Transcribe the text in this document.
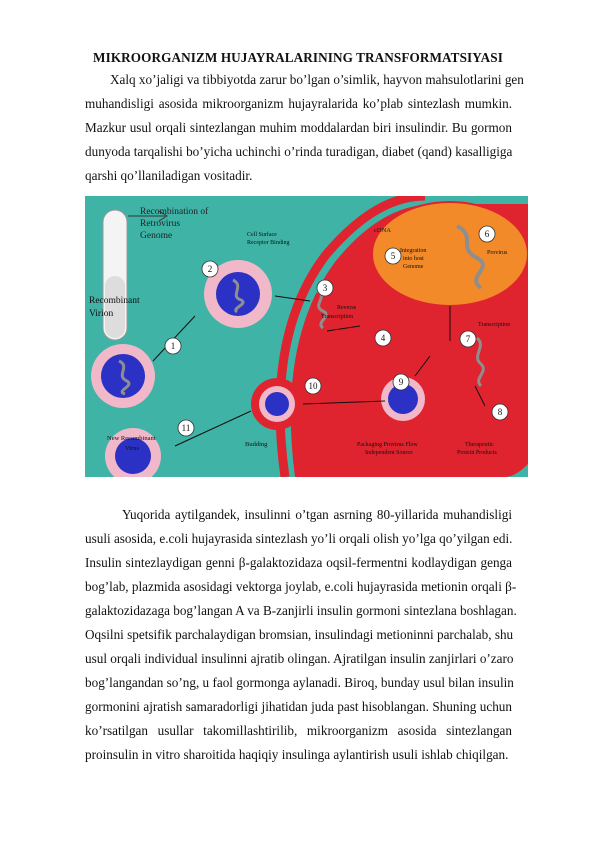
MIKROORGANIZM HUJAYRALARINING TRANSFORMATSIYASI
Xalq xo’jaligi va tibbiyotda zarur bo’lgan o’simlik, hayvon mahsulotlarini gen
muhandisligi asosida mikroorganizm hujayralarida ko’plab sintezlash mumkin.
Mazkur usul orqali sintezlangan muhim moddalardan biri insulindir. Bu gormon
dunyoda tarqalishi bo’yicha uchinchi o’rinda turadigan, diabet (qand) kasalligiga
qarshi qo’llaniladigan vositadir.
Recombination of
Retrovirus
Genome
Recombinant
Virion
Cell Surface
Receptor Binding
Reverse
Transcription
cDNA
Integration
into host
Genome
Provirus
Transcription
Budding	Packaging Provirus Flow
Independent Source
Therapeutic
Protein Products
New Recombinant
Virus
1
2
3
4
5
6
7
8
9
10
11
Yuqorida aytilgandek, insulinni o’tgan asrning 80-yillarida muhandisligi
usuli asosida, e.coli hujayrasida sintezlash yo’li orqali olish yo’lga qo’yilgan edi.
Insulin sintezlaydigan genni β-galaktozidaza oqsil-fermentni kodlaydigan genga
bog’lab, plazmida asosidagi vektorga joylab, e.coli hujayrasida metionin orqali β-
galaktozidazaga bog’langan A va B-zanjirli insulin gormoni sintezlana boshlagan.
Oqsilni spetsifik parchalaydigan bromsian, insulindagi metioninni parchalab, shu
usul orqali individual insulinni ajratib olingan. Ajratilgan insulin zanjirlari o’zaro
bog’langandan so’ng, u faol gormonga aylanadi. Biroq, bunday usul bilan insulin
gormonini ajratish samaradorligi jihatidan juda past hisoblangan. Shuning uchun
ko’rsatilgan usullar takomillashtirilib, mikroorganizm asosida sintezlangan
proinsulin in vitro sharoitida haqiqiy insulinga aylantirish usuli ishlab chiqilgan.
